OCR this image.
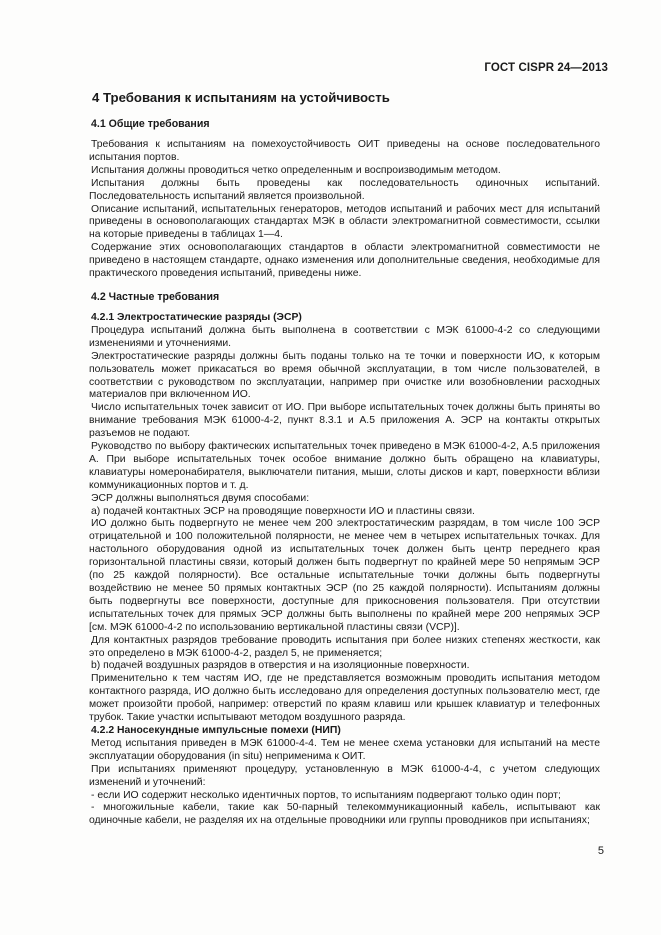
ГОСТ CISPR 24—2013
4 Требования к испытаниям на устойчивость
4.1 Общие требования

Требования к испытаниям на помехоустойчивость ОИТ приведены на основе последовательного испытания портов.

Испытания должны проводиться четко определенным и воспроизводимым методом.

Испытания должны быть проведены как последовательность одиночных испытаний. Последовательность испытаний является произвольной.

Описание испытаний, испытательных генераторов, методов испытаний и рабочих мест для испытаний приведены в основополагающих стандартах МЭК в области электромагнитной совместимости, ссылки на которые приведены в таблицах 1—4.

Содержание этих основополагающих стандартов в области электромагнитной совместимости не приведено в настоящем стандарте, однако изменения или дополнительные сведения, необходимые для практического проведения испытаний, приведены ниже.

4.2 Частные требования
4.2.1 Электростатические разряды (ЭСР)

Процедура испытаний должна быть выполнена в соответствии с МЭК 61000-4-2 со следующими изменениями и уточнениями.

Электростатические разряды должны быть поданы только на те точки и поверхности ИО, к которым пользователь может прикасаться во время обычной эксплуатации, в том числе пользователей, в соответствии с руководством по эксплуатации, например при очистке или возобновлении расходных материалов при включенном ИО.

Число испытательных точек зависит от ИО. При выборе испытательных точек должны быть приняты во внимание требования МЭК 61000-4-2, пункт 8.3.1 и А.5 приложения А. ЭСР на контакты открытых разъемов не подают.

Руководство по выбору фактических испытательных точек приведено в МЭК 61000-4-2, А.5 приложения А. При выборе испытательных точек особое внимание должно быть обращено на клавиатуры, клавиатуры номеронабирателя, выключатели питания, мыши, слоты дисков и карт, поверхности вблизи коммуникационных портов и т. д.

ЭСР должны выполняться двумя способами:

а) подачей контактных ЭСР на проводящие поверхности ИО и пластины связи.

ИО должно быть подвергнуто не менее чем 200 электростатическим разрядам, в том числе 100 ЭСР отрицательной и 100 положительной полярности, не менее чем в четырех испытательных точках. Для настольного оборудования одной из испытательных точек должен быть центр переднего края горизонтальной пластины связи, который должен быть подвергнут по крайней мере 50 непрямым ЭСР (по 25 каждой полярности). Все остальные испытательные точки должны быть подвергнуты воздействию не менее 50 прямых контактных ЭСР (по 25 каждой полярности). Испытаниям должны быть подвергнуты все поверхности, доступные для прикосновения пользователя. При отсутствии испытательных точек для прямых ЭСР должны быть выполнены по крайней мере 200 непрямых ЭСР [см. МЭК 61000-4-2 по использованию вертикальной пластины связи (VCP)].

Для контактных разрядов требование проводить испытания при более низких степенях жесткости, как это определено в МЭК 61000-4-2, раздел 5, не применяется;

b) подачей воздушных разрядов в отверстия и на изоляционные поверхности.

Применительно к тем частям ИО, где не представляется возможным проводить испытания методом контактного разряда, ИО должно быть исследовано для определения доступных пользователю мест, где может произойти пробой, например: отверстий по краям клавиш или крышек клавиатур и телефонных трубок. Такие участки испытывают методом воздушного разряда.

4.2.2 Наносекундные импульсные помехи (НИП)

Метод испытания приведен в МЭК 61000-4-4. Тем не менее схема установки для испытаний на месте эксплуатации оборудования (in situ) неприменима к ОИТ.

При испытаниях применяют процедуру, установленную в МЭК 61000-4-4, с учетом следующих изменений и уточнений:

- если ИО содержит несколько идентичных портов, то испытаниям подвергают только один порт;

- многожильные кабели, такие как 50-парный телекоммуникационный кабель, испытывают как одиночные кабели, не разделяя их на отдельные проводники или группы проводников при испытаниях;

5
